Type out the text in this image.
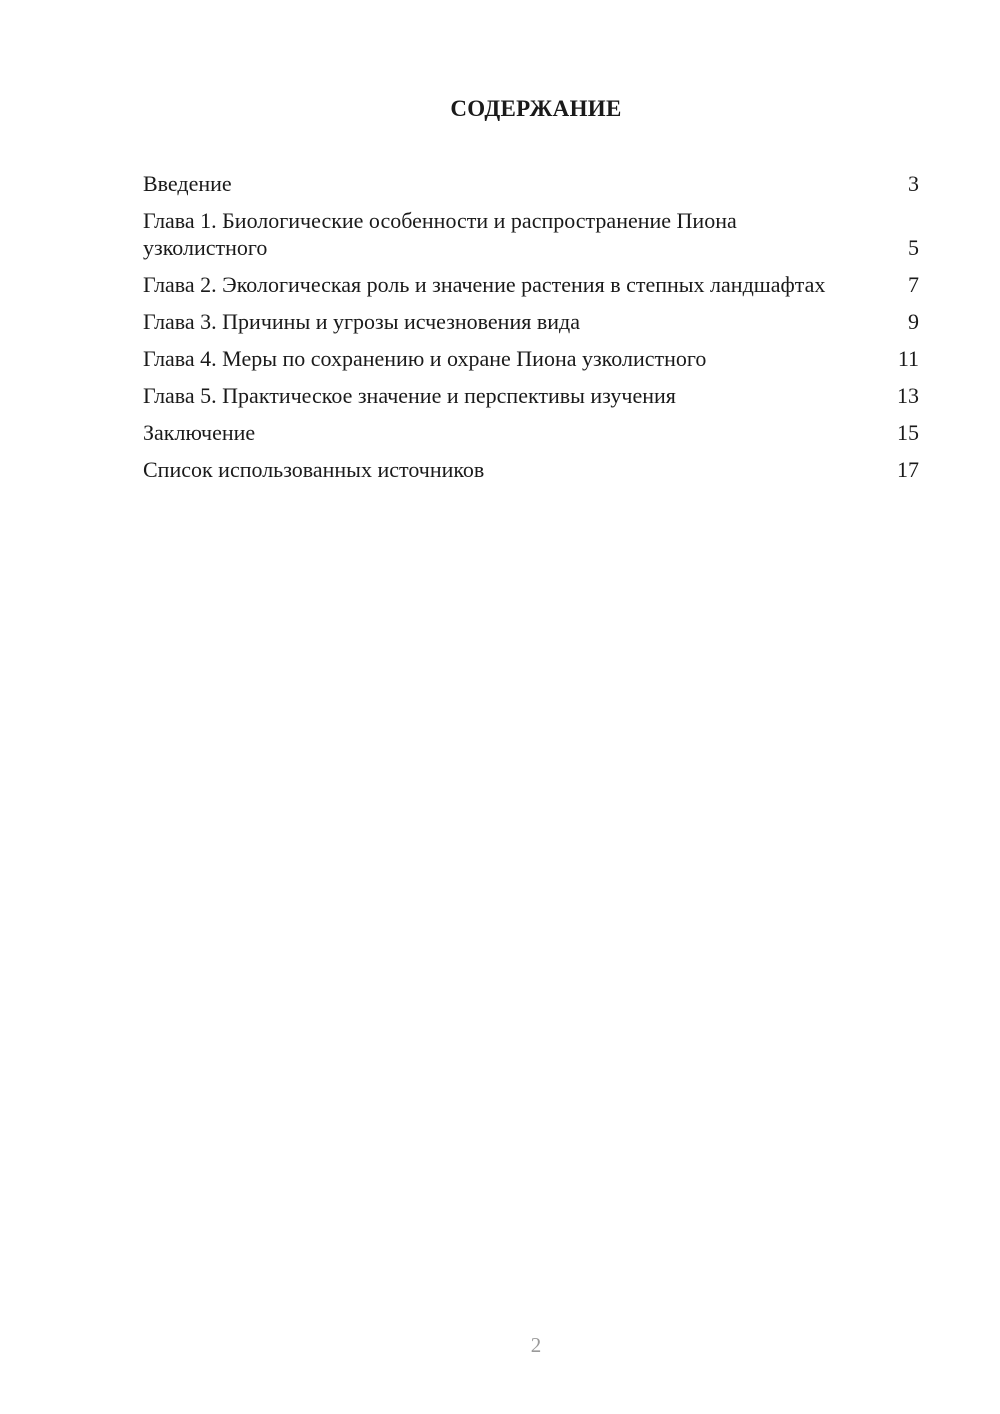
СОДЕРЖАНИЕ
Введение	3
Глава 1. Биологические особенности и распространение Пиона узколистного	5
Глава 2. Экологическая роль и значение растения в степных ландшафтах	7
Глава 3. Причины и угрозы исчезновения вида	9
Глава 4. Меры по сохранению и охране Пиона узколистного	11
Глава 5. Практическое значение и перспективы изучения	13
Заключение	15
Список использованных источников	17
2
